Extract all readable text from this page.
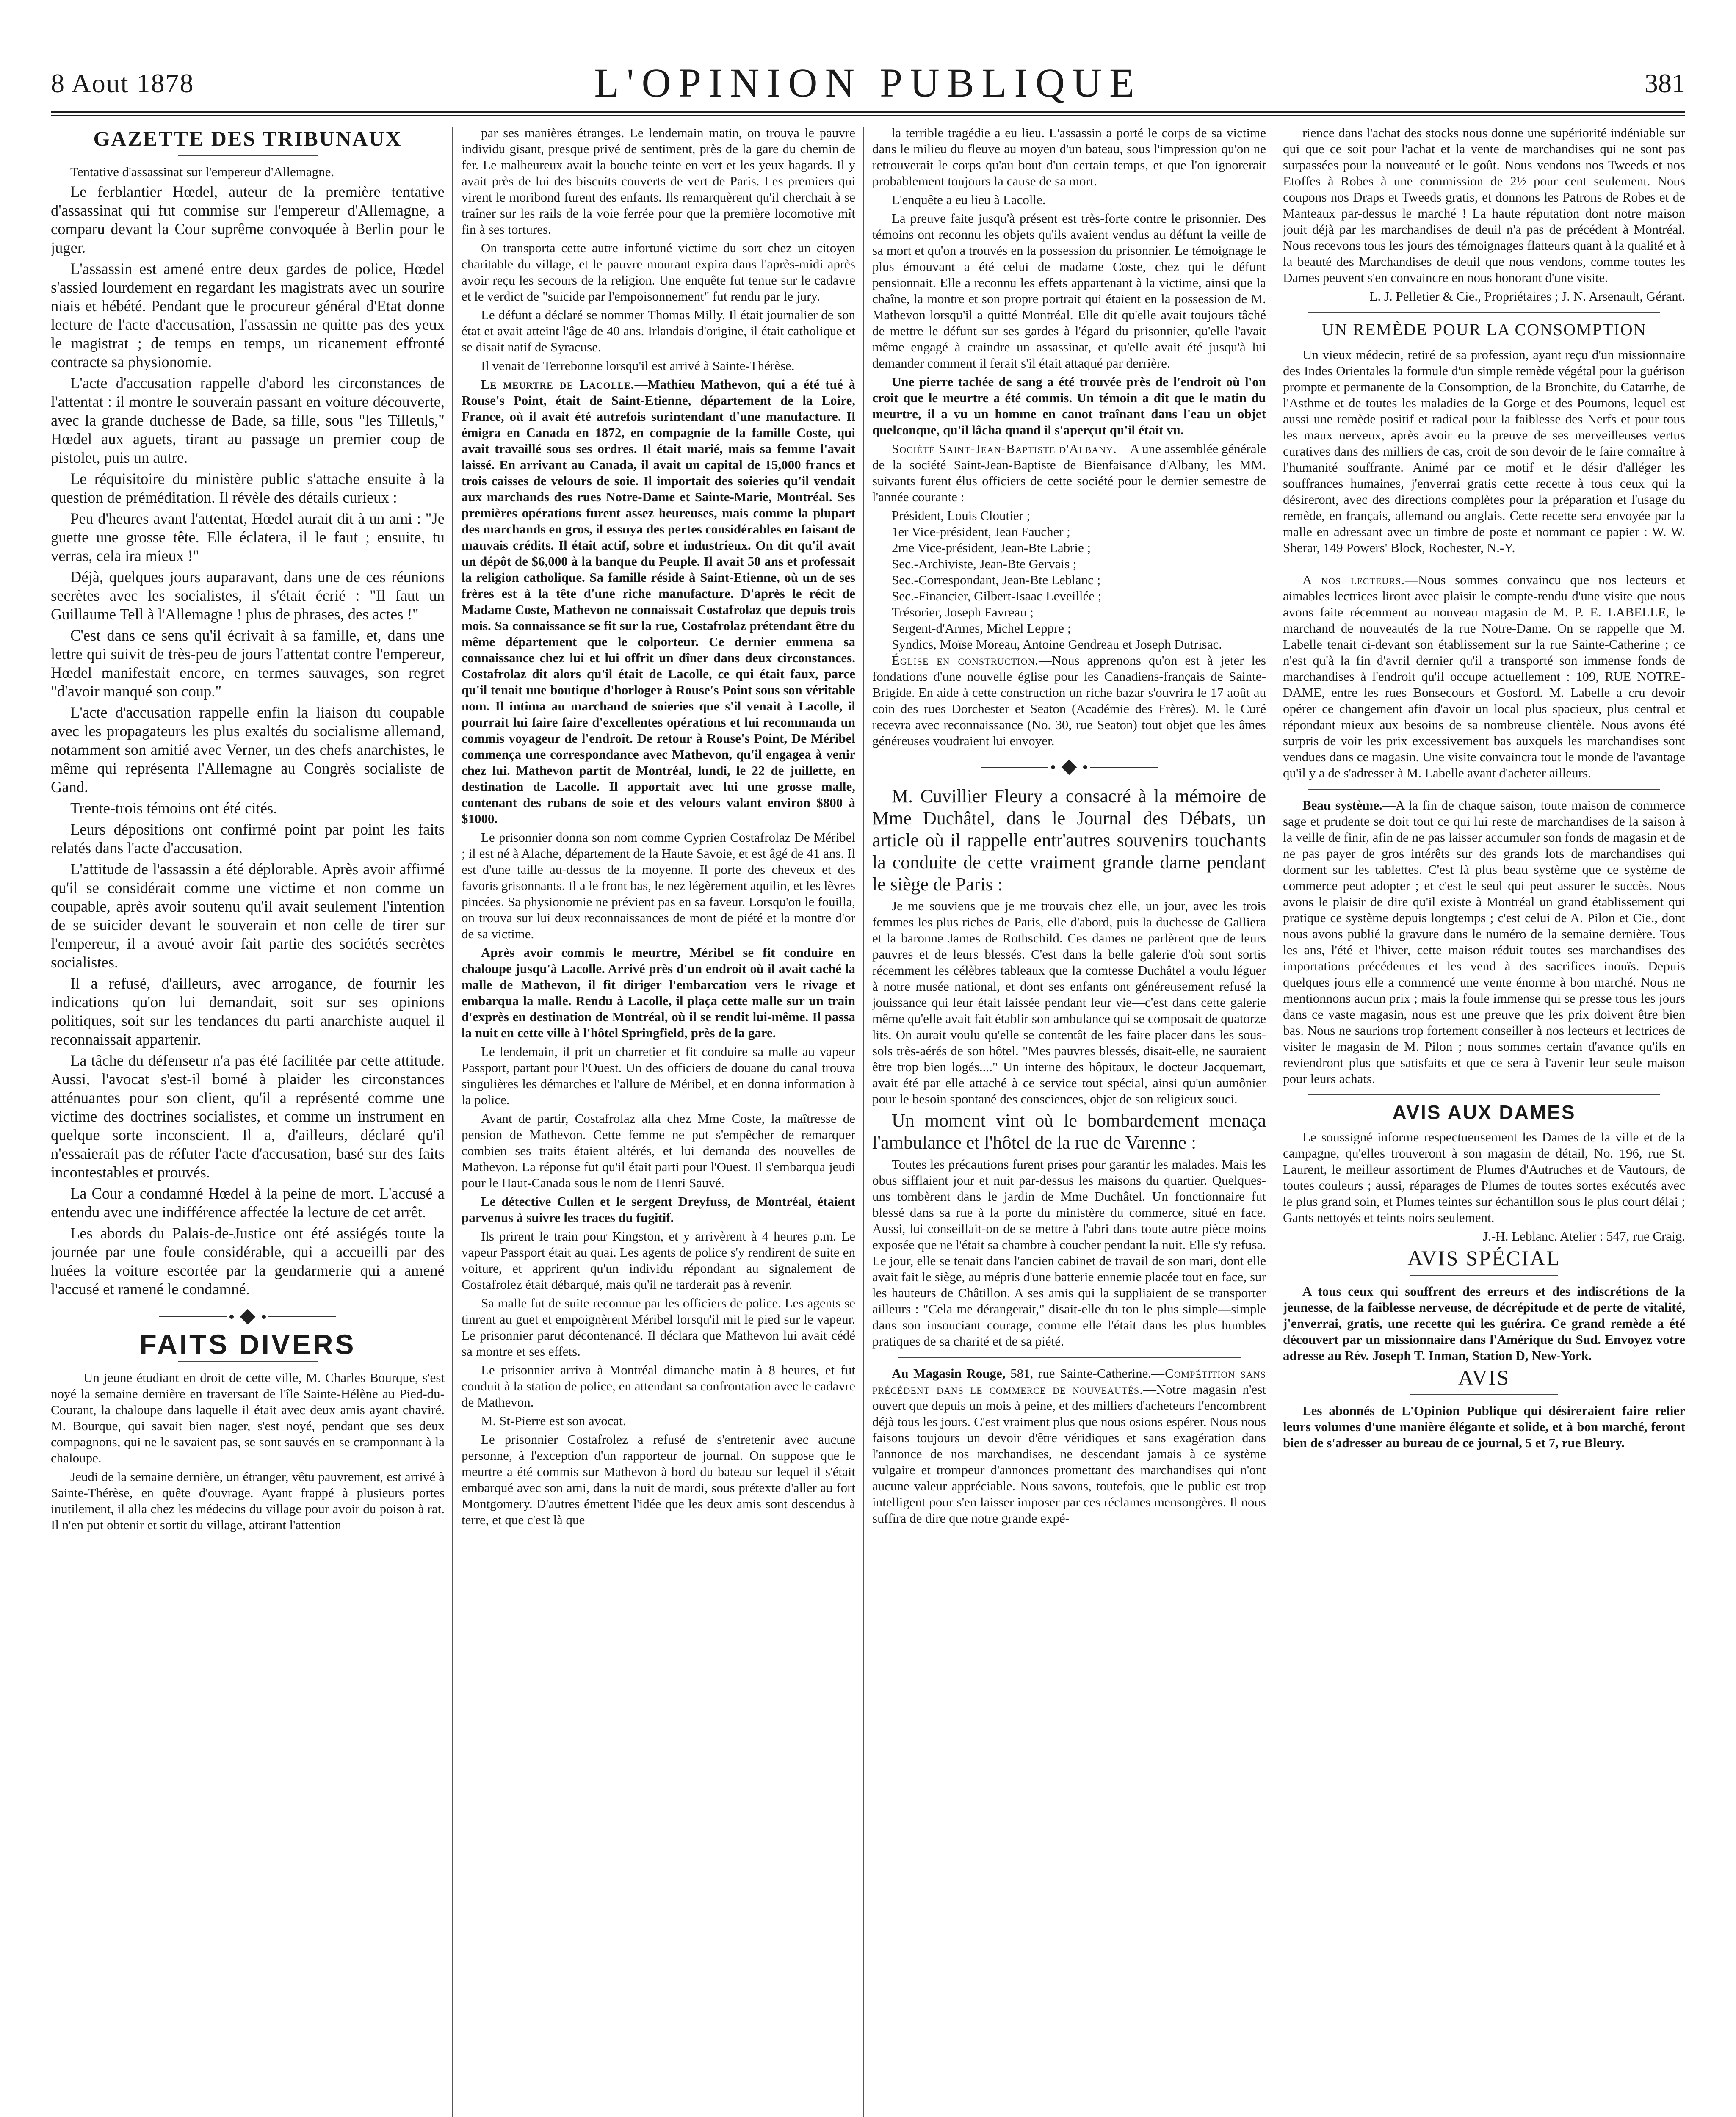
8 Aout 1878	L'OPINION PUBLIQUE	381
GAZETTE DES TRIBUNAUX

Tentative d'assassinat sur l'empereur d'Allemagne.

Le ferblantier Hœdel, auteur de la première tentative d'assassinat qui fut commise sur l'empereur d'Allemagne, a comparu devant la Cour suprême convoquée à Berlin pour le juger.

L'assassin est amené entre deux gardes de police, Hœdel s'assied lourdement en regardant les magistrats avec un sourire niais et hébété. Pendant que le procureur général d'Etat donne lecture de l'acte d'accusation, l'assassin ne quitte pas des yeux le magistrat ; de temps en temps, un ricanement effronté contracte sa physionomie.

L'acte d'accusation rappelle d'abord les circonstances de l'attentat : il montre le souverain passant en voiture découverte, avec la grande duchesse de Bade, sa fille, sous "les Tilleuls," Hœdel aux aguets, tirant au passage un premier coup de pistolet, puis un autre.

Le réquisitoire du ministère public s'attache ensuite à la question de préméditation. Il révèle des détails curieux :

Peu d'heures avant l'attentat, Hœdel aurait dit à un ami : "Je guette une grosse tête. Elle éclatera, il le faut ; ensuite, tu verras, cela ira mieux !"

Déjà, quelques jours auparavant, dans une de ces réunions secrètes avec les socialistes, il s'était écrié : "Il faut un Guillaume Tell à l'Allemagne ! plus de phrases, des actes !"

C'est dans ce sens qu'il écrivait à sa famille, et, dans une lettre qui suivit de très-peu de jours l'attentat contre l'empereur, Hœdel manifestait encore, en termes sauvages, son regret "d'avoir manqué son coup."

L'acte d'accusation rappelle enfin la liaison du coupable avec les propagateurs les plus exaltés du socialisme allemand, notamment son amitié avec Verner, un des chefs anarchistes, le même qui représenta l'Allemagne au Congrès socialiste de Gand.

Trente-trois témoins ont été cités.

Leurs dépositions ont confirmé point par point les faits relatés dans l'acte d'accusation.

L'attitude de l'assassin a été déplorable. Après avoir affirmé qu'il se considérait comme une victime et non comme un coupable, après avoir soutenu qu'il avait seulement l'intention de se suicider devant le souverain et non celle de tirer sur l'empereur, il a avoué avoir fait partie des sociétés secrètes socialistes.

Il a refusé, d'ailleurs, avec arrogance, de fournir les indications qu'on lui demandait, soit sur ses opinions politiques, soit sur les tendances du parti anarchiste auquel il reconnaissait appartenir.

La tâche du défenseur n'a pas été facilitée par cette attitude. Aussi, l'avocat s'est-il borné à plaider les circonstances atténuantes pour son client, qu'il a représenté comme une victime des doctrines socialistes, et comme un instrument en quelque sorte inconscient. Il a, d'ailleurs, déclaré qu'il n'essaierait pas de réfuter l'acte d'accusation, basé sur des faits incontestables et prouvés.

La Cour a condamné Hœdel à la peine de mort. L'accusé a entendu avec une indifférence affectée la lecture de cet arrêt.

Les abords du Palais-de-Justice ont été assiégés toute la journée par une foule considérable, qui a accueilli par des huées la voiture escortée par la gendarmerie qui a amené l'accusé et ramené le condamné.

FAITS DIVERS

—Un jeune étudiant en droit de cette ville, M. Charles Bourque, s'est noyé la semaine dernière en traversant de l'île Sainte-Hélène au Pied-du-Courant, la chaloupe dans laquelle il était avec deux amis ayant chaviré. M. Bourque, qui savait bien nager, s'est noyé, pendant que ses deux compagnons, qui ne le savaient pas, se sont sauvés en se cramponnant à la chaloupe.

Jeudi de la semaine dernière, un étranger, vêtu pauvrement, est arrivé à Sainte-Thérèse, en quête d'ouvrage. Ayant frappé à plusieurs portes inutilement, il alla chez les médecins du village pour avoir du poison à rat. Il n'en put obtenir et sortit du village, attirant l'attention

par ses manières étranges. Le lendemain matin, on trouva le pauvre individu gisant, presque privé de sentiment, près de la gare du chemin de fer. Le malheureux avait la bouche teinte en vert et les yeux hagards. Il y avait près de lui des biscuits couverts de vert de Paris. Les premiers qui virent le moribond furent des enfants. Ils remarquèrent qu'il cherchait à se traîner sur les rails de la voie ferrée pour que la première locomotive mît fin à ses tortures.

On transporta cette autre infortuné victime du sort chez un citoyen charitable du village, et le pauvre mourant expira dans l'après-midi après avoir reçu les secours de la religion. Une enquête fut tenue sur le cadavre et le verdict de "suicide par l'empoisonnement" fut rendu par le jury.

Le défunt a déclaré se nommer Thomas Milly. Il était journalier de son état et avait atteint l'âge de 40 ans. Irlandais d'origine, il était catholique et se disait natif de Syracuse.

Il venait de Terrebonne lorsqu'il est arrivé à Sainte-Thérèse.

Le meurtre de Lacolle.—Mathieu Mathevon, qui a été tué à Rouse's Point, était de Saint-Etienne, département de la Loire, France, où il avait été autrefois surintendant d'une manufacture. Il émigra en Canada en 1872, en compagnie de la famille Coste, qui avait travaillé sous ses ordres. Il était marié, mais sa femme l'avait laissé. En arrivant au Canada, il avait un capital de 15,000 francs et trois caisses de velours de soie. Il importait des soieries qu'il vendait aux marchands des rues Notre-Dame et Sainte-Marie, Montréal. Ses premières opérations furent assez heureuses, mais comme la plupart des marchands en gros, il essuya des pertes considérables en faisant de mauvais crédits. Il était actif, sobre et industrieux. On dit qu'il avait un dépôt de $6,000 à la banque du Peuple. Il avait 50 ans et professait la religion catholique. Sa famille réside à Saint-Etienne, où un de ses frères est à la tête d'une riche manufacture. D'après le récit de Madame Coste, Mathevon ne connaissait Costafrolaz que depuis trois mois. Sa connaissance se fit sur la rue, Costafrolaz prétendant être du même département que le colporteur. Ce dernier emmena sa connaissance chez lui et lui offrit un dîner dans deux circonstances. Costafrolaz dit alors qu'il était de Lacolle, ce qui était faux, parce qu'il tenait une boutique d'horloger à Rouse's Point sous son véritable nom. Il intima au marchand de soieries que s'il venait à Lacolle, il pourrait lui faire faire d'excellentes opérations et lui recommanda un commis voyageur de l'endroit. De retour à Rouse's Point, De Méribel commença une correspondance avec Mathevon, qu'il engagea à venir chez lui. Mathevon partit de Montréal, lundi, le 22 de juillette, en destination de Lacolle. Il apportait avec lui une grosse malle, contenant des rubans de soie et des velours valant environ $800 à $1000.

Le prisonnier donna son nom comme Cyprien Costafrolaz De Méribel ; il est né à Alache, département de la Haute Savoie, et est âgé de 41 ans. Il est d'une taille au-dessus de la moyenne. Il porte des cheveux et des favoris grisonnants. Il a le front bas, le nez légèrement aquilin, et les lèvres pincées. Sa physionomie ne prévient pas en sa faveur. Lorsqu'on le fouilla, on trouva sur lui deux reconnaissances de mont de piété et la montre d'or de sa victime.

Après avoir commis le meurtre, Méribel se fit conduire en chaloupe jusqu'à Lacolle. Arrivé près d'un endroit où il avait caché la malle de Mathevon, il fit diriger l'embarcation vers le rivage et embarqua la malle. Rendu à Lacolle, il plaça cette malle sur un train d'exprès en destination de Montréal, où il se rendit lui-même. Il passa la nuit en cette ville à l'hôtel Springfield, près de la gare.

Le lendemain, il prit un charretier et fit conduire sa malle au vapeur Passport, partant pour l'Ouest. Un des officiers de douane du canal trouva singulières les démarches et l'allure de Méribel, et en donna information à la police.

Avant de partir, Costafrolaz alla chez Mme Coste, la maîtresse de pension de Mathevon. Cette femme ne put s'empêcher de remarquer combien ses traits étaient altérés, et lui demanda des nouvelles de Mathevon. La réponse fut qu'il était parti pour l'Ouest. Il s'embarqua jeudi pour le Haut-Canada sous le nom de Henri Sauvé.

Le détective Cullen et le sergent Dreyfuss, de Montréal, étaient parvenus à suivre les traces du fugitif.

Ils prirent le train pour Kingston, et y arrivèrent à 4 heures p.m. Le vapeur Passport était au quai. Les agents de police s'y rendirent de suite en voiture, et apprirent qu'un individu répondant au signalement de Costafrolez était débarqué, mais qu'il ne tarderait pas à revenir.

Sa malle fut de suite reconnue par les officiers de police. Les agents se tinrent au guet et empoignèrent Méribel lorsqu'il mit le pied sur le vapeur. Le prisonnier parut décontenancé. Il déclara que Mathevon lui avait cédé sa montre et ses effets.

Le prisonnier arriva à Montréal dimanche matin à 8 heures, et fut conduit à la station de police, en attendant sa confrontation avec le cadavre de Mathevon.

M. St-Pierre est son avocat.

Le prisonnier Costafrolez a refusé de s'entretenir avec aucune personne, à l'exception d'un rapporteur de journal. On suppose que le meurtre a été commis sur Mathevon à bord du bateau sur lequel il s'était embarqué avec son ami, dans la nuit de mardi, sous prétexte d'aller au fort Montgomery. D'autres émettent l'idée que les deux amis sont descendus à terre, et que c'est là que

la terrible tragédie a eu lieu. L'assassin a porté le corps de sa victime dans le milieu du fleuve au moyen d'un bateau, sous l'impression qu'on ne retrouverait le corps qu'au bout d'un certain temps, et que l'on ignorerait probablement toujours la cause de sa mort.

L'enquête a eu lieu à Lacolle.

La preuve faite jusqu'à présent est très-forte contre le prisonnier. Des témoins ont reconnu les objets qu'ils avaient vendus au défunt la veille de sa mort et qu'on a trouvés en la possession du prisonnier. Le témoignage le plus émouvant a été celui de madame Coste, chez qui le défunt pensionnait. Elle a reconnu les effets appartenant à la victime, ainsi que la chaîne, la montre et son propre portrait qui étaient en la possession de M. Mathevon lorsqu'il a quitté Montréal. Elle dit qu'elle avait toujours tâché de mettre le défunt sur ses gardes à l'égard du prisonnier, qu'elle l'avait même engagé à craindre un assassinat, et qu'elle avait été jusqu'à lui demander comment il ferait s'il était attaqué par derrière.

Une pierre tachée de sang a été trouvée près de l'endroit où l'on croit que le meurtre a été commis. Un témoin a dit que le matin du meurtre, il a vu un homme en canot traînant dans l'eau un objet quelconque, qu'il lâcha quand il s'aperçut qu'il était vu.

Société Saint-Jean-Baptiste d'Albany.—A une assemblée générale de la société Saint-Jean-Baptiste de Bienfaisance d'Albany, les MM. suivants furent élus officiers de cette société pour le dernier semestre de l'année courante :

Président, Louis Cloutier ;

1er Vice-président, Jean Faucher ;

2me Vice-président, Jean-Bte Labrie ;

Sec.-Archiviste, Jean-Bte Gervais ;

Sec.-Correspondant, Jean-Bte Leblanc ;

Sec.-Financier, Gilbert-Isaac Leveillée ;

Trésorier, Joseph Favreau ;

Sergent-d'Armes, Michel Leppre ;

Syndics, Moïse Moreau, Antoine Gendreau et Joseph Dutrisac.

Église en construction.—Nous apprenons qu'on est à jeter les fondations d'une nouvelle église pour les Canadiens-français de Sainte-Brigide. En aide à cette construction un riche bazar s'ouvrira le 17 août au coin des rues Dorchester et Seaton (Académie des Frères). M. le Curé recevra avec reconnaissance (No. 30, rue Seaton) tout objet que les âmes généreuses voudraient lui envoyer.

M. Cuvillier Fleury a consacré à la mémoire de Mme Duchâtel, dans le Journal des Débats, un article où il rappelle entr'autres souvenirs touchants la conduite de cette vraiment grande dame pendant le siège de Paris :

Je me souviens que je me trouvais chez elle, un jour, avec les trois femmes les plus riches de Paris, elle d'abord, puis la duchesse de Galliera et la baronne James de Rothschild. Ces dames ne parlèrent que de leurs pauvres et de leurs blessés. C'est dans la belle galerie d'où sont sortis récemment les célèbres tableaux que la comtesse Duchâtel a voulu léguer à notre musée national, et dont ses enfants ont généreusement refusé la jouissance qui leur était laissée pendant leur vie—c'est dans cette galerie même qu'elle avait fait établir son ambulance qui se composait de quatorze lits. On aurait voulu qu'elle se contentât de les faire placer dans les sous-sols très-aérés de son hôtel. "Mes pauvres blessés, disait-elle, ne sauraient être trop bien logés...." Un interne des hôpitaux, le docteur Jacquemart, avait été par elle attaché à ce service tout spécial, ainsi qu'un aumônier pour le besoin spontané des consciences, objet de son religieux souci.

Un moment vint où le bombardement menaça l'ambulance et l'hôtel de la rue de Varenne :

Toutes les précautions furent prises pour garantir les malades. Mais les obus sifflaient jour et nuit par-dessus les maisons du quartier. Quelques-uns tombèrent dans le jardin de Mme Duchâtel. Un fonctionnaire fut blessé dans sa rue à la porte du ministère du commerce, situé en face. Aussi, lui conseillait-on de se mettre à l'abri dans toute autre pièce moins exposée que ne l'était sa chambre à coucher pendant la nuit. Elle s'y refusa. Le jour, elle se tenait dans l'ancien cabinet de travail de son mari, dont elle avait fait le siège, au mépris d'une batterie ennemie placée tout en face, sur les hauteurs de Châtillon. A ses amis qui la suppliaient de se transporter ailleurs : "Cela me dérangerait," disait-elle du ton le plus simple—simple dans son insouciant courage, comme elle l'était dans les plus humbles pratiques de sa charité et de sa piété.

Au Magasin Rouge, 581, rue Sainte-Catherine.—Compétition sans précédent dans le commerce de nouveautés.—Notre magasin n'est ouvert que depuis un mois à peine, et des milliers d'acheteurs l'encombrent déjà tous les jours. C'est vraiment plus que nous osions espérer. Nous nous faisons toujours un devoir d'être véridiques et sans exagération dans l'annonce de nos marchandises, ne descendant jamais à ce système vulgaire et trompeur d'annonces promettant des marchandises qui n'ont aucune valeur appréciable. Nous savons, toutefois, que le public est trop intelligent pour s'en laisser imposer par ces réclames mensongères. Il nous suffira de dire que notre grande expé-

rience dans l'achat des stocks nous donne une supériorité indéniable sur qui que ce soit pour l'achat et la vente de marchandises qui ne sont pas surpassées pour la nouveauté et le goût. Nous vendons nos Tweeds et nos Etoffes à Robes à une commission de 2½ pour cent seulement. Nous coupons nos Draps et Tweeds gratis, et donnons les Patrons de Robes et de Manteaux par-dessus le marché ! La haute réputation dont notre maison jouit déjà par les marchandises de deuil n'a pas de précédent à Montréal. Nous recevons tous les jours des témoignages flatteurs quant à la qualité et à la beauté des Marchandises de deuil que nous vendons, comme toutes les Dames peuvent s'en convaincre en nous honorant d'une visite.

L. J. Pelletier & Cie., Propriétaires ; J. N. Arsenault, Gérant.

UN REMÈDE POUR LA CONSOMPTION

Un vieux médecin, retiré de sa profession, ayant reçu d'un missionnaire des Indes Orientales la formule d'un simple remède végétal pour la guérison prompte et permanente de la Consomption, de la Bronchite, du Catarrhe, de l'Asthme et de toutes les maladies de la Gorge et des Poumons, lequel est aussi une remède positif et radical pour la faiblesse des Nerfs et pour tous les maux nerveux, après avoir eu la preuve de ses merveilleuses vertus curatives dans des milliers de cas, croit de son devoir de le faire connaître à l'humanité souffrante. Animé par ce motif et le désir d'alléger les souffrances humaines, j'enverrai gratis cette recette à tous ceux qui la désireront, avec des directions complètes pour la préparation et l'usage du remède, en français, allemand ou anglais. Cette recette sera envoyée par la malle en adressant avec un timbre de poste et nommant ce papier : W. W. Sherar, 149 Powers' Block, Rochester, N.-Y.

A nos lecteurs.—Nous sommes convaincu que nos lecteurs et aimables lectrices liront avec plaisir le compte-rendu d'une visite que nous avons faite récemment au nouveau magasin de M. P. E. LABELLE, le marchand de nouveautés de la rue Notre-Dame. On se rappelle que M. Labelle tenait ci-devant son établissement sur la rue Sainte-Catherine ; ce n'est qu'à la fin d'avril dernier qu'il a transporté son immense fonds de marchandises à l'endroit qu'il occupe actuellement : 109, RUE NOTRE-DAME, entre les rues Bonsecours et Gosford. M. Labelle a cru devoir opérer ce changement afin d'avoir un local plus spacieux, plus central et répondant mieux aux besoins de sa nombreuse clientèle. Nous avons été surpris de voir les prix excessivement bas auxquels les marchandises sont vendues dans ce magasin. Une visite convaincra tout le monde de l'avantage qu'il y a de s'adresser à M. Labelle avant d'acheter ailleurs.

Beau système.—A la fin de chaque saison, toute maison de commerce sage et prudente se doit tout ce qui lui reste de marchandises de la saison à la veille de finir, afin de ne pas laisser accumuler son fonds de magasin et de ne pas payer de gros intérêts sur des grands lots de marchandises qui dorment sur les tablettes. C'est là plus beau système que ce système de commerce peut adopter ; et c'est le seul qui peut assurer le succès. Nous avons le plaisir de dire qu'il existe à Montréal un grand établissement qui pratique ce système depuis longtemps ; c'est celui de A. Pilon et Cie., dont nous avons publié la gravure dans le numéro de la semaine dernière. Tous les ans, l'été et l'hiver, cette maison réduit toutes ses marchandises des importations précédentes et les vend à des sacrifices inouïs. Depuis quelques jours elle a commencé une vente énorme à bon marché. Nous ne mentionnons aucun prix ; mais la foule immense qui se presse tous les jours dans ce vaste magasin, nous est une preuve que les prix doivent être bien bas. Nous ne saurions trop fortement conseiller à nos lecteurs et lectrices de visiter le magasin de M. Pilon ; nous sommes certain d'avance qu'ils en reviendront plus que satisfaits et que ce sera à l'avenir leur seule maison pour leurs achats.

AVIS AUX DAMES

Le soussigné informe respectueusement les Dames de la ville et de la campagne, qu'elles trouveront à son magasin de détail, No. 196, rue St. Laurent, le meilleur assortiment de Plumes d'Autruches et de Vautours, de toutes couleurs ; aussi, réparages de Plumes de toutes sortes exécutés avec le plus grand soin, et Plumes teintes sur échantillon sous le plus court délai ; Gants nettoyés et teints noirs seulement.

J.-H. Leblanc. Atelier : 547, rue Craig.

AVIS SPÉCIAL

A tous ceux qui souffrent des erreurs et des indiscrétions de la jeunesse, de la faiblesse nerveuse, de décrépitude et de perte de vitalité, j'enverrai, gratis, une recette qui les guérira. Ce grand remède a été découvert par un missionnaire dans l'Amérique du Sud. Envoyez votre adresse au Rév. Joseph T. Inman, Station D, New-York.

AVIS

Les abonnés de L'Opinion Publique qui désireraient faire relier leurs volumes d'une manière élégante et solide, et à bon marché, feront bien de s'adresser au bureau de ce journal, 5 et 7, rue Bleury.
